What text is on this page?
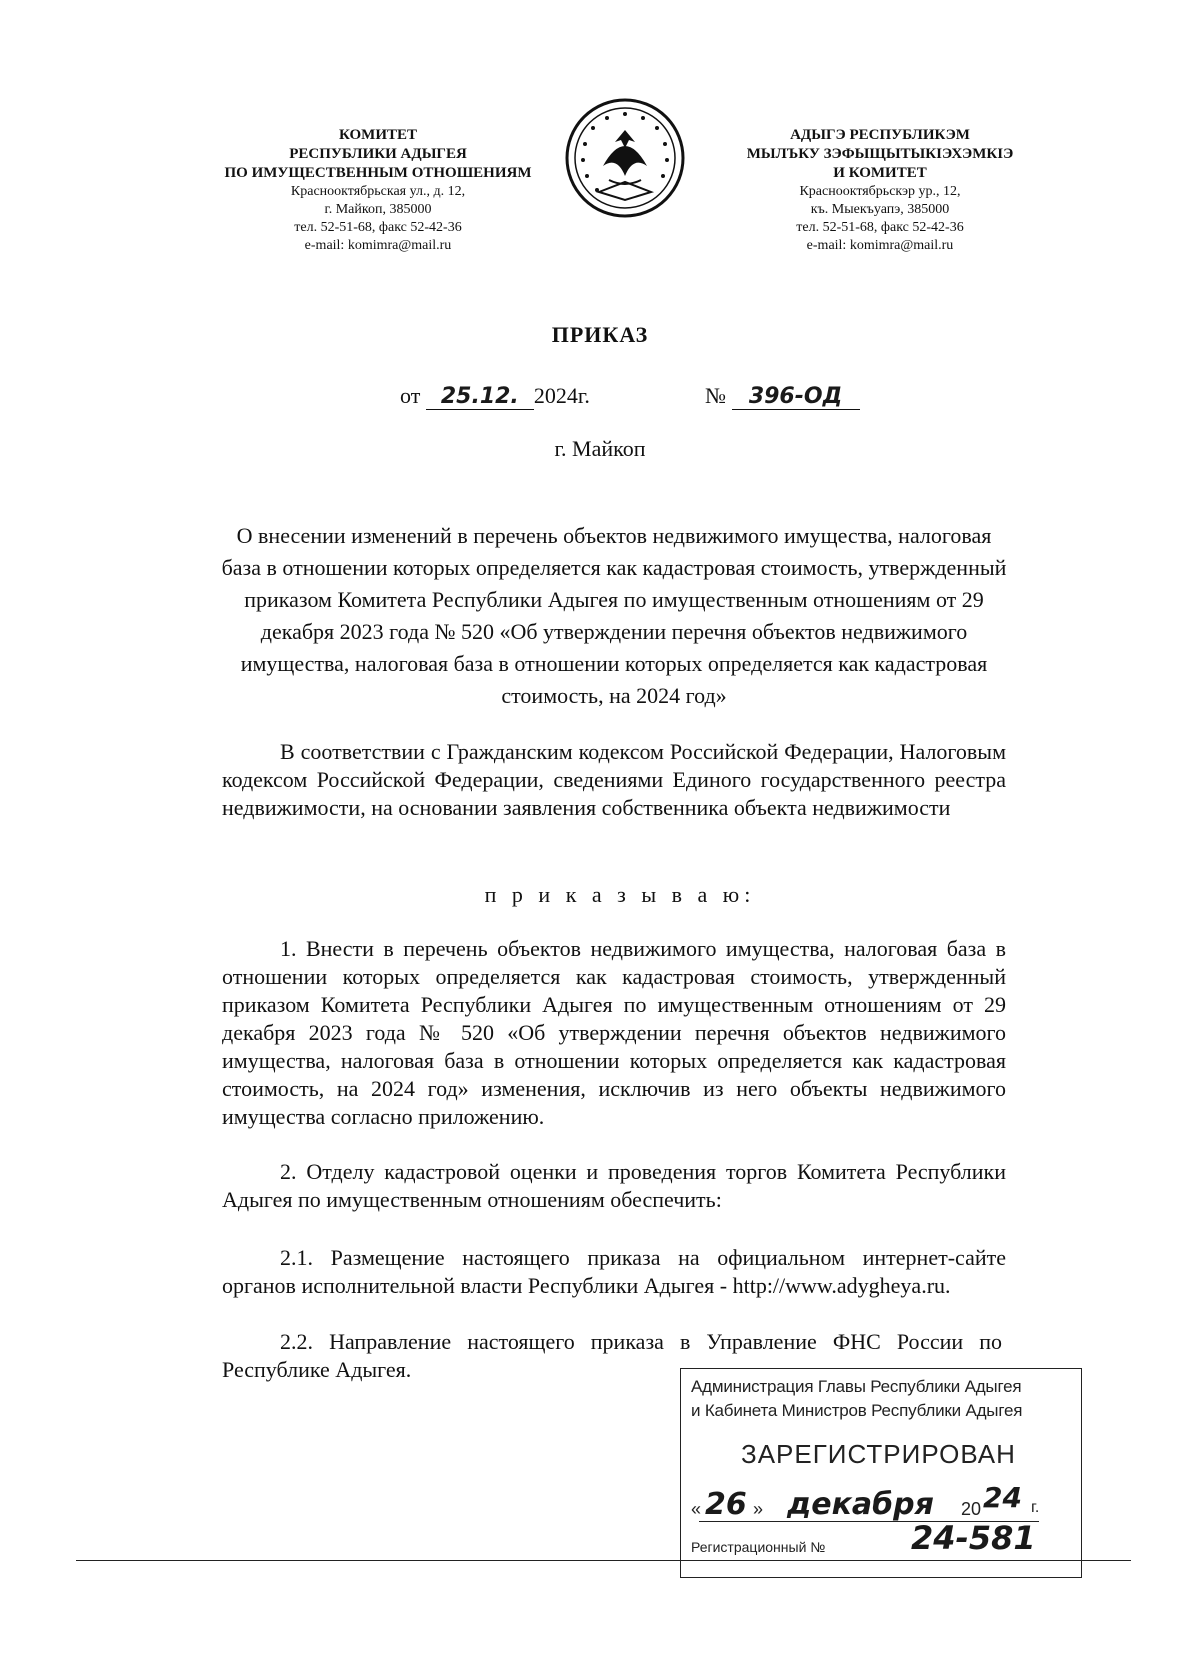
КОМИТЕТ
РЕСПУБЛИКИ АДЫГЕЯ
ПО ИМУЩЕСТВЕННЫМ ОТНОШЕНИЯМ
Краснооктябрьская ул., д. 12,
г. Майкоп, 385000
тел. 52-51-68, факс 52-42-36
e-mail: komimra@mail.ru
АДЫГЭ РЕСПУБЛИКЭМ
МЫЛЪКУ ЗЭФЫЩЫТЫКIЭХЭМКIЭ
И КОМИТЕТ
Краснооктябрьскэр ур., 12,
къ. Мыекъуапэ, 385000
тел. 52-51-68, факс 52-42-36
e-mail: komimra@mail.ru
ПРИКАЗ
от 25.12. 2024г.	№ 396-ОД
г. Майкоп
О внесении изменений в перечень объектов недвижимого имущества, налоговая база в отношении которых определяется как кадастровая стоимость, утвержденный приказом Комитета Республики Адыгея по имущественным отношениям от 29 декабря 2023 года № 520 «Об утверждении перечня объектов недвижимого имущества, налоговая база в отношении которых определяется как кадастровая стоимость, на 2024 год»
В соответствии с Гражданским кодексом Российской Федерации, Налоговым кодексом Российской Федерации, сведениями Единого государственного реестра недвижимости, на основании заявления собственника объекта недвижимости
п р и к а з ы в а ю:
1. Внести в перечень объектов недвижимого имущества, налоговая база в отношении которых определяется как кадастровая стоимость, утвержденный приказом Комитета Республики Адыгея по имущественным отношениям от 29 декабря 2023 года № 520 «Об утверждении перечня объектов недвижимого имущества, налоговая база в отношении которых определяется как кадастровая стоимость, на 2024 год» изменения, исключив из него объекты недвижимого имущества согласно приложению.
2. Отделу кадастровой оценки и проведения торгов Комитета Республики Адыгея по имущественным отношениям обеспечить:
2.1. Размещение настоящего приказа на официальном интернет-сайте органов исполнительной власти Республики Адыгея - http://www.adygheya.ru.
2.2. Направление настоящего приказа в Управление ФНС России по Республике Адыгея.
Администрация Главы Республики Адыгея
и Кабинета Министров Республики Адыгея
ЗАРЕГИСТРИРОВАН
« 26 » декабря 20 24 г.
Регистрационный №	24-581
